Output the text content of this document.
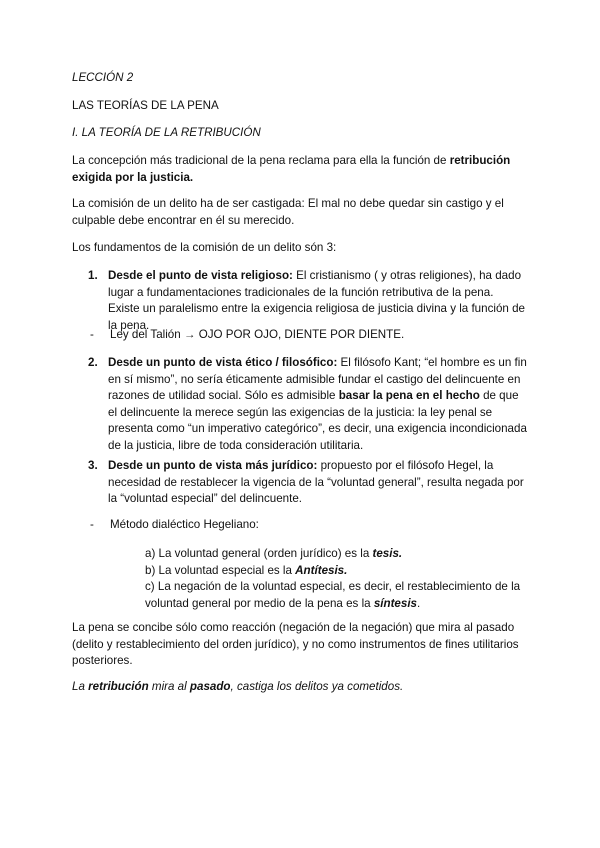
LECCIÓN 2

LAS TEORÍAS DE LA PENA

I. LA TEORÍA DE LA RETRIBUCIÓN

La concepción más tradicional de la pena reclama para ella la función de retribución exigida por la justicia.

La comisión de un delito ha de ser castigada: El mal no debe quedar sin castigo y el culpable debe encontrar en él su merecido.

Los fundamentos de la comisión de un delito són 3:

1. Desde el punto de vista religioso: El cristianismo ( y otras religiones), ha dado lugar a fundamentaciones tradicionales de la función retributiva de la pena. Existe un paralelismo entre la exigencia religiosa de justicia divina y la función de la pena.
- Ley del Talión → OJO POR OJO, DIENTE POR DIENTE.
2. Desde un punto de vista ético / filosófico: El filósofo Kant; “el hombre es un fin en sí mismo”, no sería éticamente admisible fundar el castigo del delincuente en razones de utilidad social. Sólo es admisible basar la pena en el hecho de que el delincuente la merece según las exigencias de la justicia: la ley penal se presenta como “un imperativo categórico”, es decir, una exigencia incondicionada de la justicia, libre de toda consideración utilitaria.
3. Desde un punto de vista más jurídico: propuesto por el filósofo Hegel, la necesidad de restablecer la vigencia de la “voluntad general”, resulta negada por la “voluntad especial” del delincuente.
- Método dialéctico Hegeliano:
a) La voluntad general (orden jurídico) es la tesis.
b) La voluntad especial es la Antítesis.
c) La negación de la voluntad especial, es decir, el restablecimiento de la voluntad general por medio de la pena es la síntesis.

La pena se concibe sólo como reacción (negación de la negación) que mira al pasado (delito y restablecimiento del orden jurídico), y no como instrumentos de fines utilitarios posteriores.

La retribución mira al pasado, castiga los delitos ya cometidos.
